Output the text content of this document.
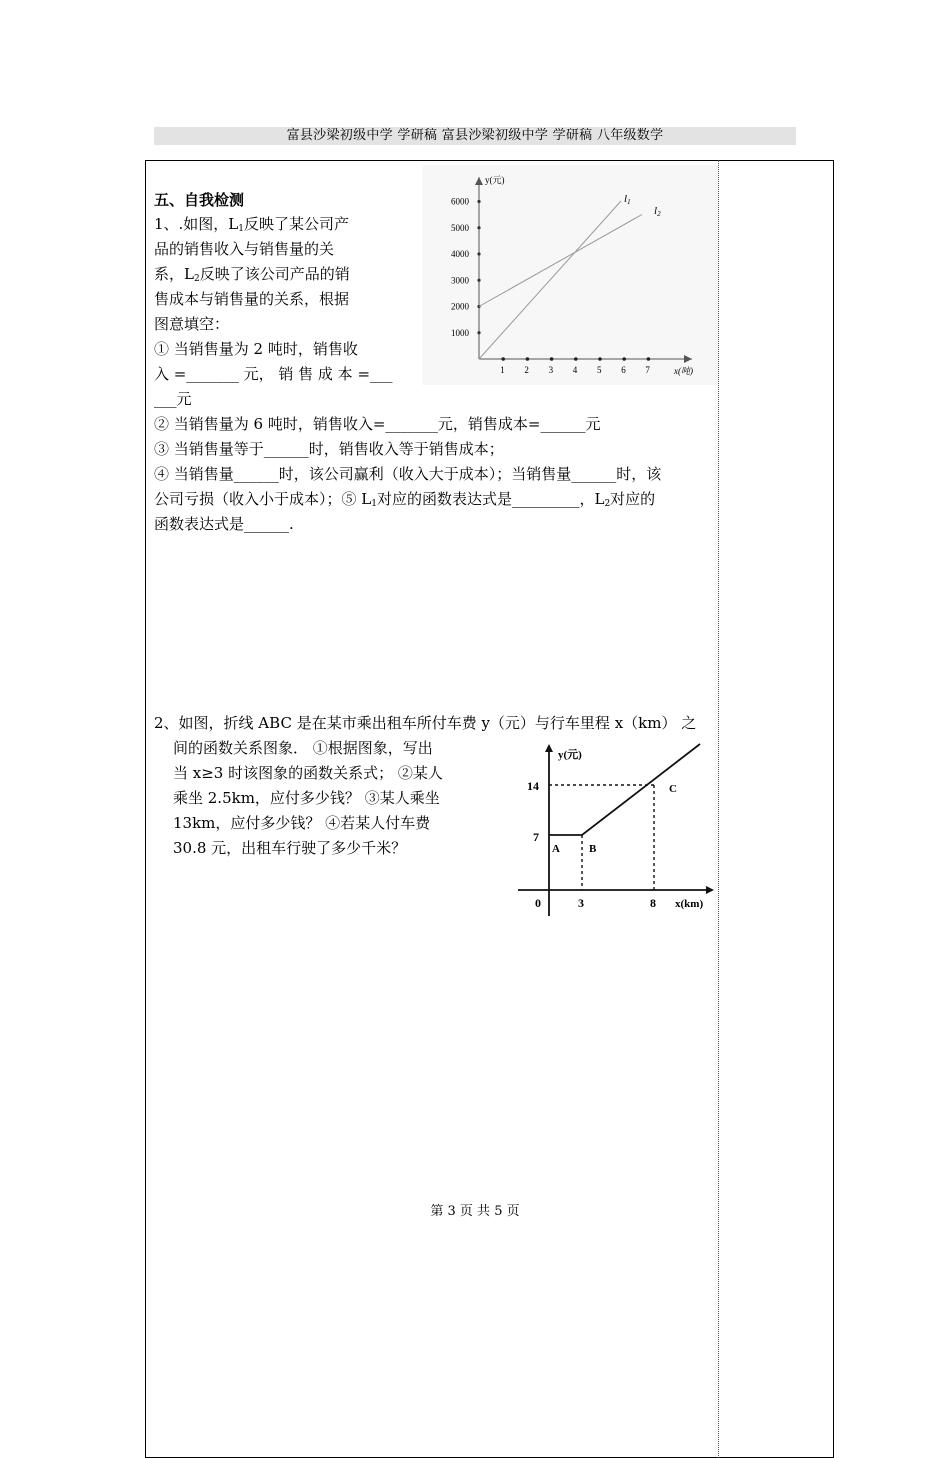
富县沙梁初级中学 学研稿 富县沙梁初级中学 学研稿 八年级数学
五、自我检测
1、.如图，$L_1$反映了某公司产
品的销售收入与销售量的关
系，$L_2$反映了该公司产品的销
售成本与销售量的关系，根据
图意填空：
① 当销售量为 2 吨时，销售收
入 =_______ 元， 销 售 成 本 =___
___元
② 当销售量为 6 吨时，销售收入=_______元，销售成本=______元
③ 当销售量等于______时，销售收入等于销售成本；
④ 当销售量______时，该公司赢利（收入大于成本）；当销售量______时，该
公司亏损（收入小于成本）；⑤ $L_1$对应的函数表达式是_________，$L_2$对应的
函数表达式是______.
y(元)
x(吨)
1000
2000
3000
4000
5000
6000
1 2 3 4 5 6 7
l1
l2
2、如图，折线 ABC 是在某市乘出租车所付车费 y（元）与行车里程 x（km） 之
间的函数关系图象． ①根据图象，写出
当 x≥3 时该图象的函数关系式； ②某人
乘坐 2.5km，应付多少钱？ ③某人乘坐
13km，应付多少钱？ ④若某人付车费
30.8 元，出租车行驶了多少千米？
y(元)
x(km)
0
7
14
3	8
A	B
C
第 3 页 共 5 页
